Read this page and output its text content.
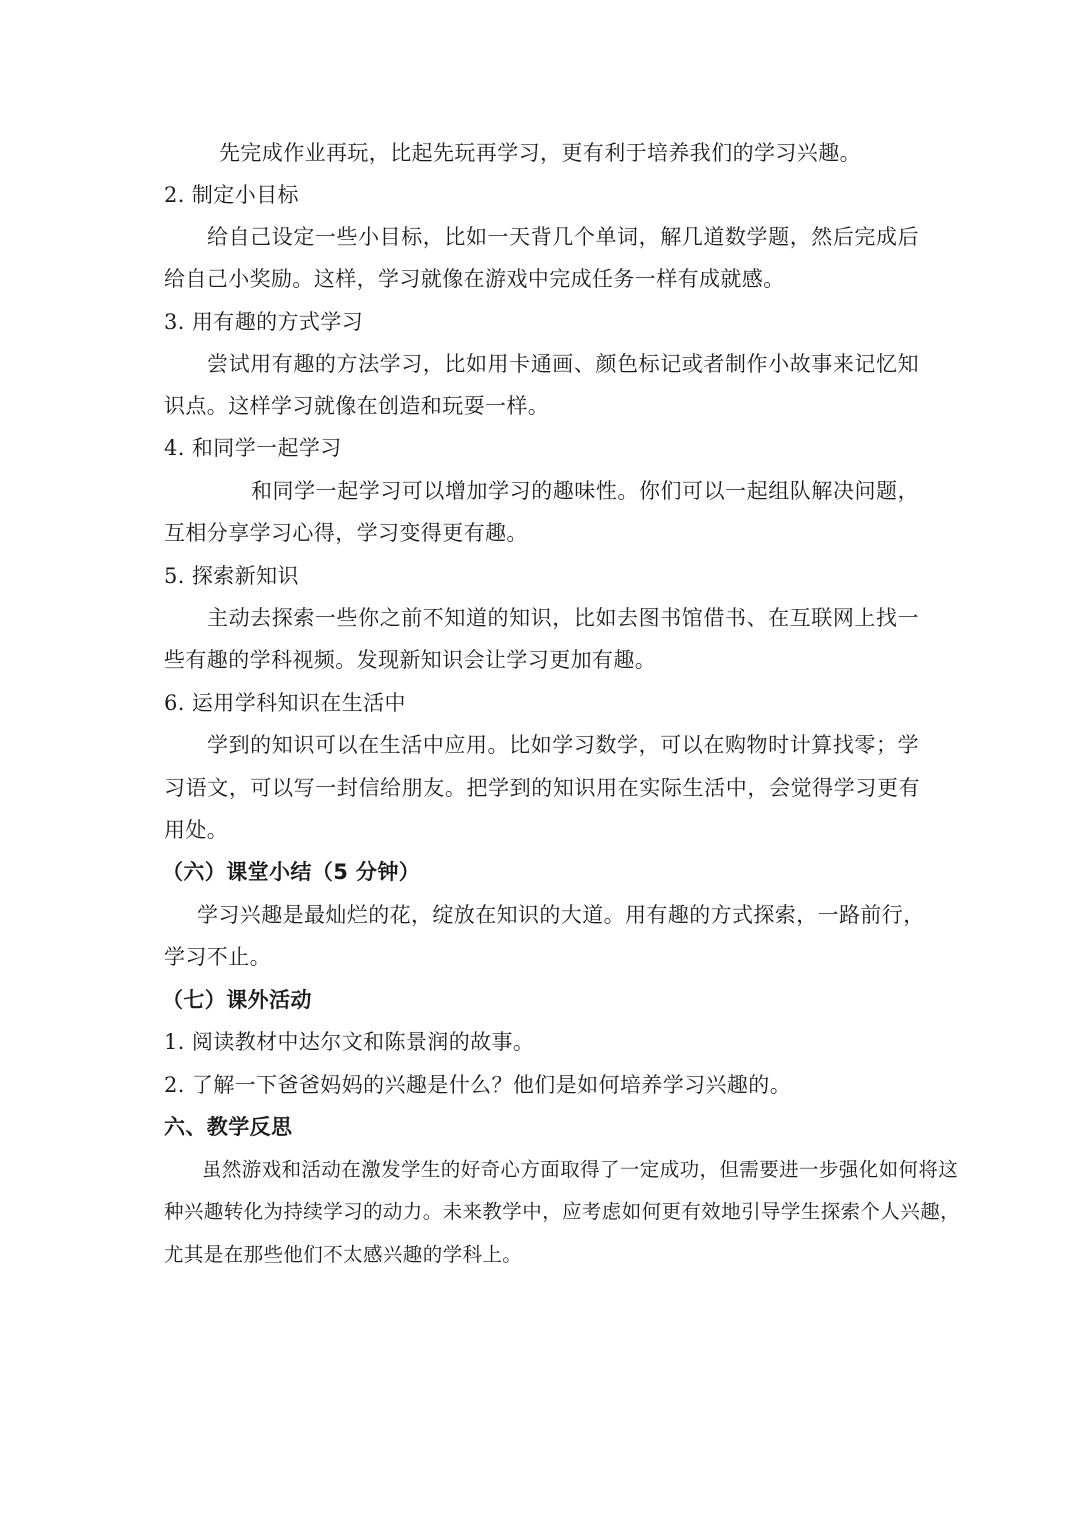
先完成作业再玩，比起先玩再学习，更有利于培养我们的学习兴趣。
2. 制定小目标
给自己设定一些小目标，比如一天背几个单词，解几道数学题，然后完成后
给自己小奖励。这样，学习就像在游戏中完成任务一样有成就感。
3. 用有趣的方式学习
尝试用有趣的方法学习，比如用卡通画、颜色标记或者制作小故事来记忆知
识点。这样学习就像在创造和玩耍一样。
4. 和同学一起学习
和同学一起学习可以增加学习的趣味性。你们可以一起组队解决问题，
互相分享学习心得，学习变得更有趣。
5. 探索新知识
主动去探索一些你之前不知道的知识，比如去图书馆借书、在互联网上找一
些有趣的学科视频。发现新知识会让学习更加有趣。
6. 运用学科知识在生活中
学到的知识可以在生活中应用。比如学习数学，可以在购物时计算找零；学
习语文，可以写一封信给朋友。把学到的知识用在实际生活中，会觉得学习更有
用处。
（六）课堂小结（5 分钟）
学习兴趣是最灿烂的花，绽放在知识的大道。用有趣的方式探索，一路前行，
学习不止。
（七）课外活动
1. 阅读教材中达尔文和陈景润的故事。
2. 了解一下爸爸妈妈的兴趣是什么？他们是如何培养学习兴趣的。
六、教学反思
虽然游戏和活动在激发学生的好奇心方面取得了一定成功，但需要进一步强化如何将这
种兴趣转化为持续学习的动力。未来教学中，应考虑如何更有效地引导学生探索个人兴趣，
尤其是在那些他们不太感兴趣的学科上。
